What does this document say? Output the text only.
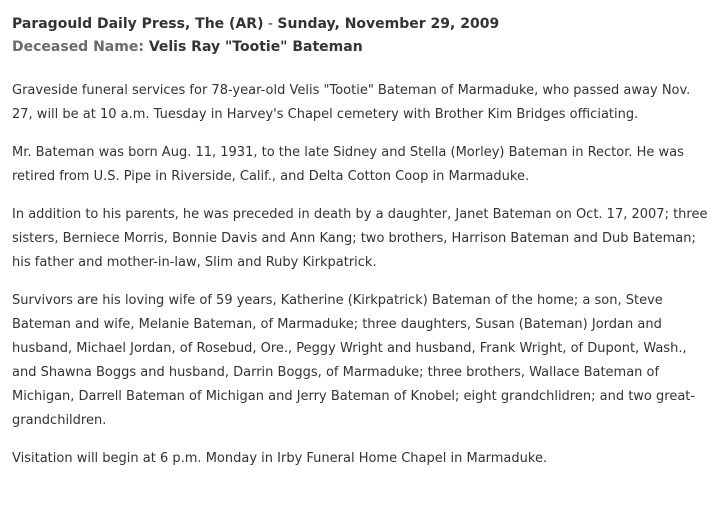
Paragould Daily Press, The (AR) - Sunday, November 29, 2009
Deceased Name: Velis Ray "Tootie" Bateman

Graveside funeral services for 78-year-old Velis "Tootie" Bateman of Marmaduke, who passed away Nov. 27, will be at 10 a.m. Tuesday in Harvey's Chapel cemetery with Brother Kim Bridges officiating.

Mr. Bateman was born Aug. 11, 1931, to the late Sidney and Stella (Morley) Bateman in Rector. He was retired from U.S. Pipe in Riverside, Calif., and Delta Cotton Coop in Marmaduke.

In addition to his parents, he was preceded in death by a daughter, Janet Bateman on Oct. 17, 2007; three sisters, Berniece Morris, Bonnie Davis and Ann Kang; two brothers, Harrison Bateman and Dub Bateman; his father and mother-in-law, Slim and Ruby Kirkpatrick.

Survivors are his loving wife of 59 years, Katherine (Kirkpatrick) Bateman of the home; a son, Steve Bateman and wife, Melanie Bateman, of Marmaduke; three daughters, Susan (Bateman) Jordan and husband, Michael Jordan, of Rosebud, Ore., Peggy Wright and husband, Frank Wright, of Dupont, Wash., and Shawna Boggs and husband, Darrin Boggs, of Marmaduke; three brothers, Wallace Bateman of Michigan, Darrell Bateman of Michigan and Jerry Bateman of Knobel; eight grandchlidren; and two great-grandchildren.

Visitation will begin at 6 p.m. Monday in Irby Funeral Home Chapel in Marmaduke.
